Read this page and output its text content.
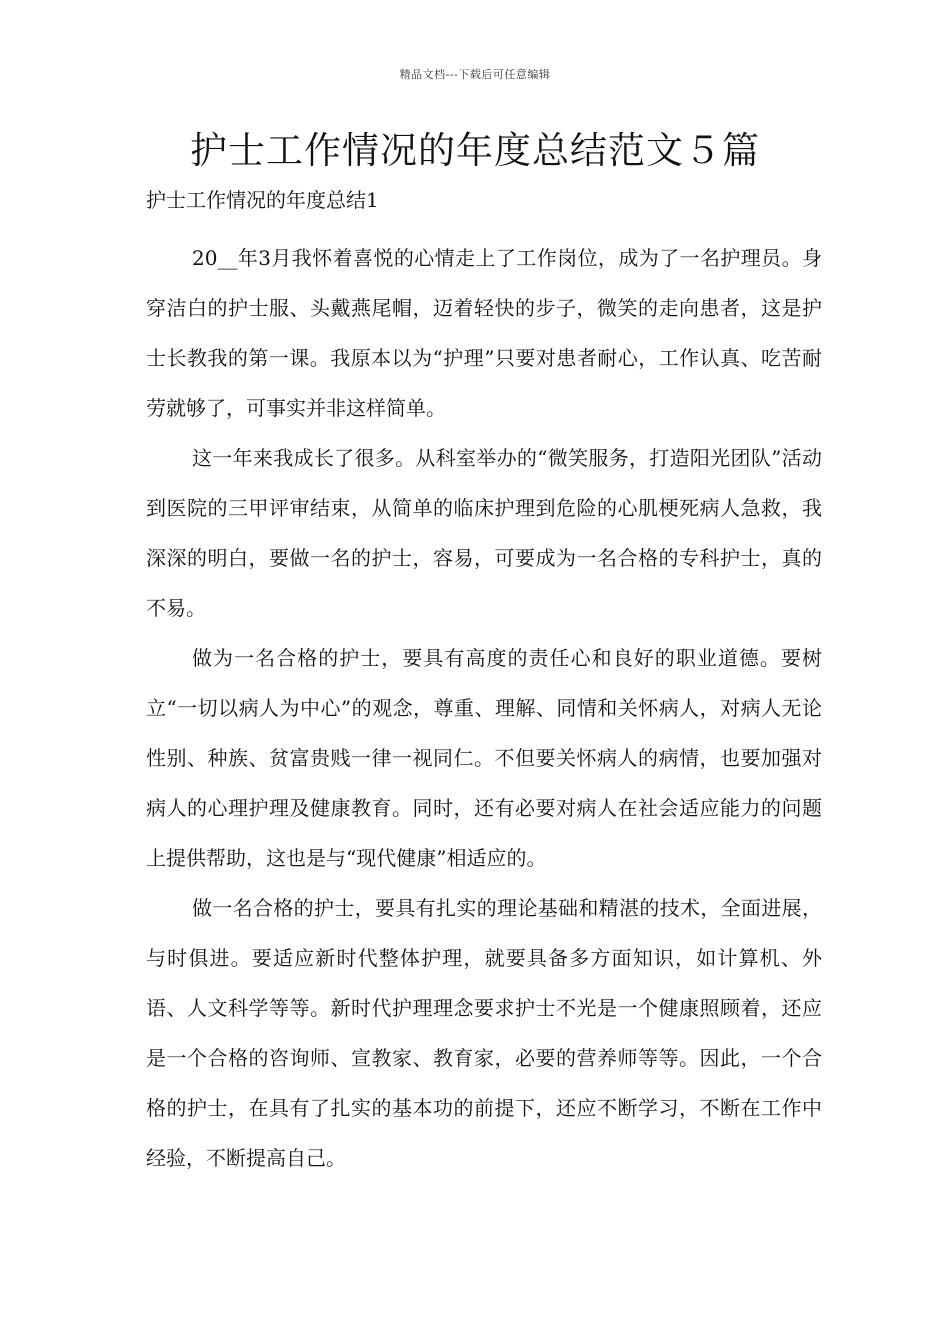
精品文档---下载后可任意编辑
护士工作情况的年度总结范文５篇
护士工作情况的年度总结1

20__年3月我怀着喜悦的心情走上了工作岗位，成为了一名护理员。身穿洁白的护士服、头戴燕尾帽，迈着轻快的步子，微笑的走向患者，这是护士长教我的第一课。我原本以为“护理”只要对患者耐心，工作认真、吃苦耐劳就够了，可事实并非这样简单。

这一年来我成长了很多。从科室举办的“微笑服务，打造阳光团队”活动到医院的三甲评审结束，从简单的临床护理到危险的心肌梗死病人急救，我深深的明白，要做一名的护士，容易，可要成为一名合格的专科护士，真的不易。

做为一名合格的护士，要具有高度的责任心和良好的职业道德。要树立“一切以病人为中心”的观念，尊重、理解、同情和关怀病人，对病人无论性别、种族、贫富贵贱一律一视同仁。不但要关怀病人的病情，也要加强对病人的心理护理及健康教育。同时，还有必要对病人在社会适应能力的问题上提供帮助，这也是与“现代健康”相适应的。

做一名合格的护士，要具有扎实的理论基础和精湛的技术，全面进展，与时俱进。要适应新时代整体护理，就要具备多方面知识，如计算机、外语、人文科学等等。新时代护理理念要求护士不光是一个健康照顾着，还应是一个合格的咨询师、宣教家、教育家，必要的营养师等等。因此，一个合格的护士，在具有了扎实的基本功的前提下，还应不断学习，不断在工作中经验，不断提高自己。
